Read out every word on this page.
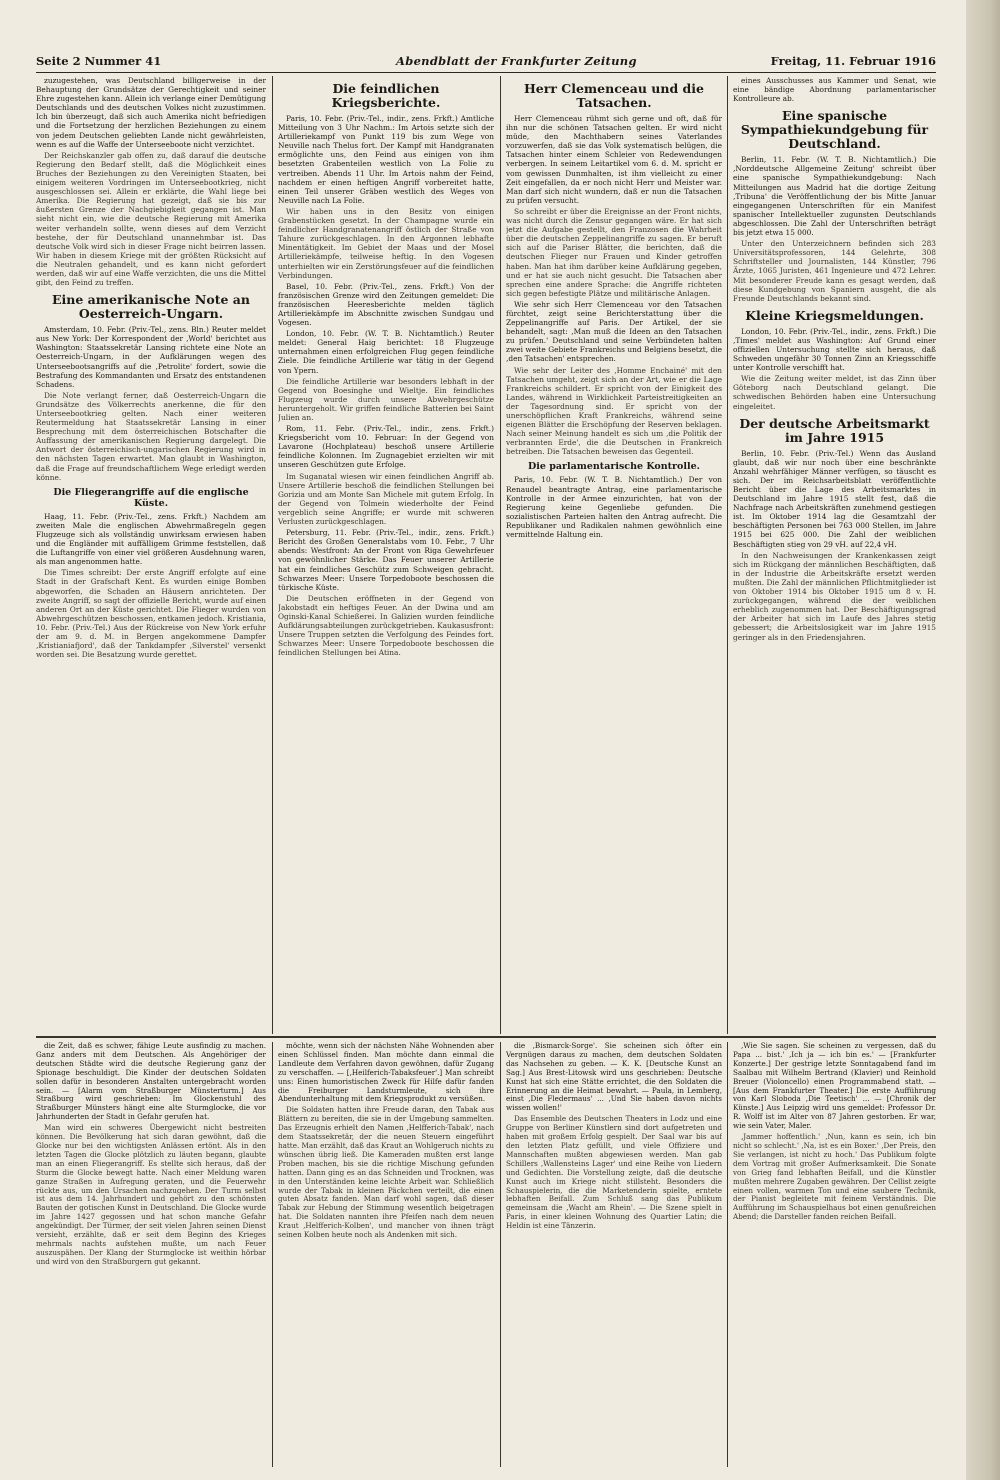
Seite 2 Nummer 41	Abendblatt der Frankfurter Zeitung	Freitag, 11. Februar 1916

zuzugestehen, was Deutschland billigerweise in der Behauptung der Grundsätze der Gerechtigkeit und seiner Ehre zugestehen kann. Allein ich verlange einer Demütigung Deutschlands und des deutschen Volkes nicht zuzustimmen. Ich bin überzeugt, daß sich auch Amerika nicht befriedigen und die Fortsetzung der herzlichen Beziehungen zu einem von jedem Deutschen geliebten Lande nicht gewährleisten, wenn es auf die Waffe der Unterseeboote nicht verzichtet.

Der Reichskanzler gab offen zu, daß darauf die deutsche Regierung den Bedarf stellt, daß die Möglichkeit eines Bruches der Beziehungen zu den Vereinigten Staaten, bei einigem weiteren Vordringen im Unterseebootkrieg, nicht ausgeschlossen sei. Allein er erklärte, die Wahl liege bei Amerika. Die Regierung hat gezeigt, daß sie bis zur äußersten Grenze der Nachgiebigkeit gegangen ist. Man sieht nicht ein, wie die deutsche Regierung mit Amerika weiter verhandeln sollte, wenn dieses auf dem Verzicht bestehe, der für Deutschland unannehmbar ist. Das deutsche Volk wird sich in dieser Frage nicht beirren lassen. Wir haben in diesem Kriege mit der größten Rücksicht auf die Neutralen gehandelt, und es kann nicht gefordert werden, daß wir auf eine Waffe verzichten, die uns die Mittel gibt, den Feind zu treffen.

Eine amerikanische Note an Oesterreich-Ungarn.

Amsterdam, 10. Febr. (Priv.-Tel., zens. Bln.) Reuter meldet aus New York: Der Korrespondent der ‚World' berichtet aus Washington: Staatssekretär Lansing richtete eine Note an Oesterreich-Ungarn, in der Aufklärungen wegen des Unterseebootsangriffs auf die ‚Petrolite' fordert, sowie die Bestrafung des Kommandanten und Ersatz des entstandenen Schadens.

Die Note verlangt ferner, daß Oesterreich-Ungarn die Grundsätze des Völkerrechts anerkenne, die für den Unterseebootkrieg gelten. Nach einer weiteren Reutermeldung hat Staatssekretär Lansing in einer Besprechung mit dem österreichischen Botschafter die Auffassung der amerikanischen Regierung dargelegt. Die Antwort der österreichisch-ungarischen Regierung wird in den nächsten Tagen erwartet. Man glaubt in Washington, daß die Frage auf freundschaftlichem Wege erledigt werden könne.

Die Fliegerangriffe auf die englische Küste.

Haag, 11. Febr. (Priv.-Tel., zens. Frkft.) Nachdem am zweiten Male die englischen Abwehrmaßregeln gegen Flugzeuge sich als vollständig unwirksam erwiesen haben und die Engländer mit auffälligem Grimme feststellen, daß die Luftangriffe von einer viel größeren Ausdehnung waren, als man angenommen hatte.

Die Times schreibt: Der erste Angriff erfolgte auf eine Stadt in der Grafschaft Kent. Es wurden einige Bomben abgeworfen, die Schaden an Häusern anrichteten. Der zweite Angriff, so sagt der offizielle Bericht, wurde auf einen anderen Ort an der Küste gerichtet. Die Flieger wurden von Abwehrgeschützen beschossen, entkamen jedoch. Kristiania, 10. Febr. (Priv.-Tel.) Aus der Rückreise von New York erfuhr der am 9. d. M. in Bergen angekommene Dampfer ‚Kristianiafjord', daß der Tankdampfer ‚Silverstel' versenkt worden sei. Die Besatzung wurde gerettet.

Die feindlichen Kriegsberichte.

Paris, 10. Febr. (Priv.-Tel., indir., zens. Frkft.) Amtliche Mitteilung von 3 Uhr Nachm.: Im Artois setzte sich der Artilleriekampf von Punkt 119 bis zum Wege von Neuville nach Thelus fort. Der Kampf mit Handgranaten ermöglichte uns, den Feind aus einigen von ihm besetzten Grabenteilen westlich von La Folie zu vertreiben. Abends 11 Uhr. Im Artois nahm der Feind, nachdem er einen heftigen Angriff vorbereitet hatte, einen Teil unserer Gräben westlich des Weges von Neuville nach La Folie.

Wir haben uns in den Besitz von einigen Grabenstücken gesetzt. In der Champagne wurde ein feindlicher Handgranatenangriff östlich der Straße von Tahure zurückgeschlagen. In den Argonnen lebhafte Minentätigkeit. Im Gebiet der Maas und der Mosel Artilleriekämpfe, teilweise heftig. In den Vogesen unterhielten wir ein Zerstörungsfeuer auf die feindlichen Verbindungen.

Basel, 10. Febr. (Priv.-Tel., zens. Frkft.) Von der französischen Grenze wird den Zeitungen gemeldet: Die französischen Heeresberichte melden täglich Artilleriekämpfe im Abschnitte zwischen Sundgau und Vogesen.

London, 10. Febr. (W. T. B. Nichtamtlich.) Reuter meldet: General Haig berichtet: 18 Flugzeuge unternahmen einen erfolgreichen Flug gegen feindliche Ziele. Die feindliche Artillerie war tätig in der Gegend von Ypern.

Die feindliche Artillerie war besonders lebhaft in der Gegend von Boesinghe und Wieltje. Ein feindliches Flugzeug wurde durch unsere Abwehrgeschütze heruntergeholt. Wir griffen feindliche Batterien bei Saint Julien an.

Rom, 11. Febr. (Priv.-Tel., indir., zens. Frkft.) Kriegsbericht vom 10. Februar: In der Gegend von Lavarone (Hochplateau) beschoß unsere Artillerie feindliche Kolonnen. Im Zugnagebiet erzielten wir mit unseren Geschützen gute Erfolge.

Im Suganatal wiesen wir einen feindlichen Angriff ab. Unsere Artillerie beschoß die feindlichen Stellungen bei Gorizia und am Monte San Michele mit gutem Erfolg. In der Gegend von Tolmein wiederholte der Feind vergeblich seine Angriffe; er wurde mit schweren Verlusten zurückgeschlagen.

Petersburg, 11. Febr. (Priv.-Tel., indir., zens. Frkft.) Bericht des Großen Generalstabs vom 10. Febr., 7 Uhr abends: Westfront: An der Front von Riga Gewehrfeuer von gewöhnlicher Stärke. Das Feuer unserer Artillerie hat ein feindliches Geschütz zum Schweigen gebracht. Schwarzes Meer: Unsere Torpedoboote beschossen die türkische Küste.

Die Deutschen eröffneten in der Gegend von Jakobstadt ein heftiges Feuer. An der Dwina und am Oginski-Kanal Schießerei. In Galizien wurden feindliche Aufklärungsabteilungen zurückgetrieben. Kaukasusfront: Unsere Truppen setzten die Verfolgung des Feindes fort. Schwarzes Meer: Unsere Torpedoboote beschossen die feindlichen Stellungen bei Atina.

Herr Clemenceau und die Tatsachen.

Herr Clemenceau rühmt sich gerne und oft, daß für ihn nur die schönen Tatsachen gelten. Er wird nicht müde, den Machthabern seines Vaterlandes vorzuwerfen, daß sie das Volk systematisch belügen, die Tatsachen hinter einem Schleier von Redewendungen verbergen. In seinem Leitartikel vom 6. d. M. spricht er vom gewissen Dunmhalten, ist ihm vielleicht zu einer Zeit eingefallen, da er noch nicht Herr und Meister war. Man darf sich nicht wundern, daß er nun die Tatsachen zu prüfen versucht.

So schreibt er über die Ereignisse an der Front nichts, was nicht durch die Zensur gegangen wäre. Er hat sich jetzt die Aufgabe gestellt, den Franzosen die Wahrheit über die deutschen Zeppelinangriffe zu sagen. Er beruft sich auf die Pariser Blätter, die berichten, daß die deutschen Flieger nur Frauen und Kinder getroffen haben. Man hat ihm darüber keine Aufklärung gegeben, und er hat sie auch nicht gesucht. Die Tatsachen aber sprechen eine andere Sprache: die Angriffe richteten sich gegen befestigte Plätze und militärische Anlagen.

Wie sehr sich Herr Clemenceau vor den Tatsachen fürchtet, zeigt seine Berichterstattung über die Zeppelinangriffe auf Paris. Der Artikel, der sie behandelt, sagt: ‚Man muß die Ideen an den Tatsachen zu prüfen.' Deutschland und seine Verbündeten halten zwei weite Gebiete Frankreichs und Belgiens besetzt, die ‚den Tatsachen' entsprechen.

Wie sehr der Leiter des ‚Homme Enchainé' mit den Tatsachen umgeht, zeigt sich an der Art, wie er die Lage Frankreichs schildert. Er spricht von der Einigkeit des Landes, während in Wirklichkeit Parteistreitigkeiten an der Tagesordnung sind. Er spricht von der unerschöpflichen Kraft Frankreichs, während seine eigenen Blätter die Erschöpfung der Reserven beklagen. Nach seiner Meinung handelt es sich um ‚die Politik der verbrannten Erde', die die Deutschen in Frankreich betreiben. Die Tatsachen beweisen das Gegenteil.

Die parlamentarische Kontrolle.

Paris, 10. Febr. (W. T. B. Nichtamtlich.) Der von Renaudel beantragte Antrag, eine parlamentarische Kontrolle in der Armee einzurichten, hat von der Regierung keine Gegenliebe gefunden. Die sozialistischen Parteien halten den Antrag aufrecht. Die Republikaner und Radikalen nahmen gewöhnlich eine vermittelnde Haltung ein.

eines Ausschusses aus Kammer und Senat, wie eine bändige Abordnung parlamentarischer Kontrolleure ab.

Eine spanische Sympathiekundgebung für Deutschland.

Berlin, 11. Febr. (W. T. B. Nichtamtlich.) Die ‚Norddeutsche Allgemeine Zeitung' schreibt über eine spanische Sympathiekundgebung: Nach Mitteilungen aus Madrid hat die dortige Zeitung ‚Tribuna' die Veröffentlichung der bis Mitte Januar eingegangenen Unterschriften für ein Manifest spanischer Intellektueller zugunsten Deutschlands abgeschlossen. Die Zahl der Unterschriften beträgt bis jetzt etwa 15 000.

Unter den Unterzeichnern befinden sich 283 Universitätsprofessoren, 144 Gelehrte, 308 Schriftsteller und Journalisten, 144 Künstler, 796 Ärzte, 1065 Juristen, 461 Ingenieure und 472 Lehrer. Mit besonderer Freude kann es gesagt werden, daß diese Kundgebung von Spaniern ausgeht, die als Freunde Deutschlands bekannt sind.

Kleine Kriegsmeldungen.

London, 10. Febr. (Priv.-Tel., indir., zens. Frkft.) Die ‚Times' meldet aus Washington: Auf Grund einer offiziellen Untersuchung stellte sich heraus, daß Schweden ungefähr 30 Tonnen Zinn an Kriegsschiffe unter Kontrolle verschifft hat.

Wie die Zeitung weiter meldet, ist das Zinn über Göteborg nach Deutschland gelangt. Die schwedischen Behörden haben eine Untersuchung eingeleitet.

Der deutsche Arbeitsmarkt im Jahre 1915

Berlin, 10. Febr. (Priv.-Tel.) Wenn das Ausland glaubt, daß wir nur noch über eine beschränkte Anzahl wehrfähiger Männer verfügen, so täuscht es sich. Der im Reichsarbeitsblatt veröffentlichte Bericht über die Lage des Arbeitsmarktes in Deutschland im Jahre 1915 stellt fest, daß die Nachfrage nach Arbeitskräften zunehmend gestiegen ist. Im Oktober 1914 lag die Gesamtzahl der beschäftigten Personen bei 763 000 Stellen, im Jahre 1915 bei 625 000. Die Zahl der weiblichen Beschäftigten stieg von 29 vH. auf 22,4 vH.

In den Nachweisungen der Krankenkassen zeigt sich im Rückgang der männlichen Beschäftigten, daß in der Industrie die Arbeitskräfte ersetzt werden mußten. Die Zahl der männlichen Pflichtmitglieder ist von Oktober 1914 bis Oktober 1915 um 8 v. H. zurückgegangen, während die der weiblichen erheblich zugenommen hat. Der Beschäftigungsgrad der Arbeiter hat sich im Laufe des Jahres stetig gebessert; die Arbeitslosigkeit war im Jahre 1915 geringer als in den Friedensjahren.

die Zeit, daß es schwer, fähige Leute ausfindig zu machen. Ganz anders mit dem Deutschen. Als Angehöriger der deutschen Städte wird die deutsche Regierung ganz der Spionage beschuldigt. Die Kinder der deutschen Soldaten sollen dafür in besonderen Anstalten untergebracht worden sein. — [Alarm vom Straßburger Münsterturm.] Aus Straßburg wird geschrieben: Im Glockenstuhl des Straßburger Münsters hängt eine alte Sturmglocke, die vor Jahrhunderten der Stadt in Gefahr gerufen hat.

Man wird ein schweres Übergewicht nicht bestreiten können. Die Bevölkerung hat sich daran gewöhnt, daß die Glocke nur bei den wichtigsten Anlässen ertönt. Als in den letzten Tagen die Glocke plötzlich zu läuten begann, glaubte man an einen Fliegerangriff. Es stellte sich heraus, daß der Sturm die Glocke bewegt hatte. Nach einer Meldung waren ganze Straßen in Aufregung geraten, und die Feuerwehr rückte aus, um den Ursachen nachzugehen. Der Turm selbst ist aus dem 14. Jahrhundert und gehört zu den schönsten Bauten der gotischen Kunst in Deutschland. Die Glocke wurde im Jahre 1427 gegossen und hat schon manche Gefahr angekündigt. Der Türmer, der seit vielen Jahren seinen Dienst versieht, erzählte, daß er seit dem Beginn des Krieges mehrmals nachts aufstehen mußte, um nach Feuer auszuspähen. Der Klang der Sturmglocke ist weithin hörbar und wird von den Straßburgern gut gekannt.

möchte, wenn sich der nächsten Nähe Wohnenden aber einen Schlüssel finden. Man möchte dann einmal die Landleute dem Verfahren davon gewöhnen, dafür Zugang zu verschaffen. — [‚Heilferich-Tabaksfeuer'.] Man schreibt uns: Einen humoristischen Zweck für Hilfe dafür fanden die Freiburger Landsturmleute, sich ihre Abendunterhaltung mit dem Kriegsprodukt zu versüßen.

Die Soldaten hatten ihre Freude daran, den Tabak aus Blättern zu bereiten, die sie in der Umgebung sammelten. Das Erzeugnis erhielt den Namen ‚Helfferich-Tabak', nach dem Staatssekretär, der die neuen Steuern eingeführt hatte. Man erzählt, daß das Kraut an Wohlgeruch nichts zu wünschen übrig ließ. Die Kameraden mußten erst lange Proben machen, bis sie die richtige Mischung gefunden hatten. Dann ging es an das Schneiden und Trocknen, was in den Unterständen keine leichte Arbeit war. Schließlich wurde der Tabak in kleinen Päckchen verteilt, die einen guten Absatz fanden. Man darf wohl sagen, daß dieser Tabak zur Hebung der Stimmung wesentlich beigetragen hat. Die Soldaten nannten ihre Pfeifen nach dem neuen Kraut ‚Helfferich-Kolben', und mancher von ihnen trägt seinen Kolben heute noch als Andenken mit sich.

die ‚Bismarck-Sorge'. Sie scheinen sich öfter ein Vergnügen daraus zu machen, dem deutschen Soldaten das Nachsehen zu geben. — K. K. [Deutsche Kunst an Sag.] Aus Brest-Litowsk wird uns geschrieben: Deutsche Kunst hat sich eine Stätte errichtet, die den Soldaten die Erinnerung an die Heimat bewahrt. — Paula, in Lemberg, einst ‚Die Fledermaus' ... ‚Und Sie haben davon nichts wissen wollen!'

Das Ensemble des Deutschen Theaters in Lodz und eine Gruppe von Berliner Künstlern sind dort aufgetreten und haben mit großem Erfolg gespielt. Der Saal war bis auf den letzten Platz gefüllt, und viele Offiziere und Mannschaften mußten abgewiesen werden. Man gab Schillers ‚Wallensteins Lager' und eine Reihe von Liedern und Gedichten. Die Vorstellung zeigte, daß die deutsche Kunst auch im Kriege nicht stillsteht. Besonders die Schauspielerin, die die Marketenderin spielte, erntete lebhaften Beifall. Zum Schluß sang das Publikum gemeinsam die ‚Wacht am Rhein'. — Die Szene spielt in Paris, in einer kleinen Wohnung des Quartier Latin; die Heldin ist eine Tänzerin.

‚Wie Sie sagen. Sie scheinen zu vergessen, daß du Papa ... bist.' ‚Ich ja — ich bin es.' — [Frankfurter Konzerte.] Der gestrige letzte Sonntagabend fand im Saalbau mit Wilhelm Bertrand (Klavier) und Reinhold Breuer (Violoncello) einen Programmabend statt. — [Aus dem Frankfurter Theater.] Die erste Aufführung von Karl Sloboda ‚Die Teetisch' ... — [Chronik der Künste.] Aus Leipzig wird uns gemeldet: Professor Dr. R. Wolff ist im Alter von 87 Jahren gestorben. Er war, wie sein Vater, Maler.

‚Jammer hoffentlich.' ‚Nun, kann es sein, ich bin nicht so schlecht.' ‚Na, ist es ein Boxer.' ‚Der Preis, den Sie verlangen, ist nicht zu hoch.' Das Publikum folgte dem Vortrag mit großer Aufmerksamkeit. Die Sonate von Grieg fand lebhaften Beifall, und die Künstler mußten mehrere Zugaben gewähren. Der Cellist zeigte einen vollen, warmen Ton und eine saubere Technik, der Pianist begleitete mit feinem Verständnis. Die Aufführung im Schauspielhaus bot einen genußreichen Abend; die Darsteller fanden reichen Beifall.
